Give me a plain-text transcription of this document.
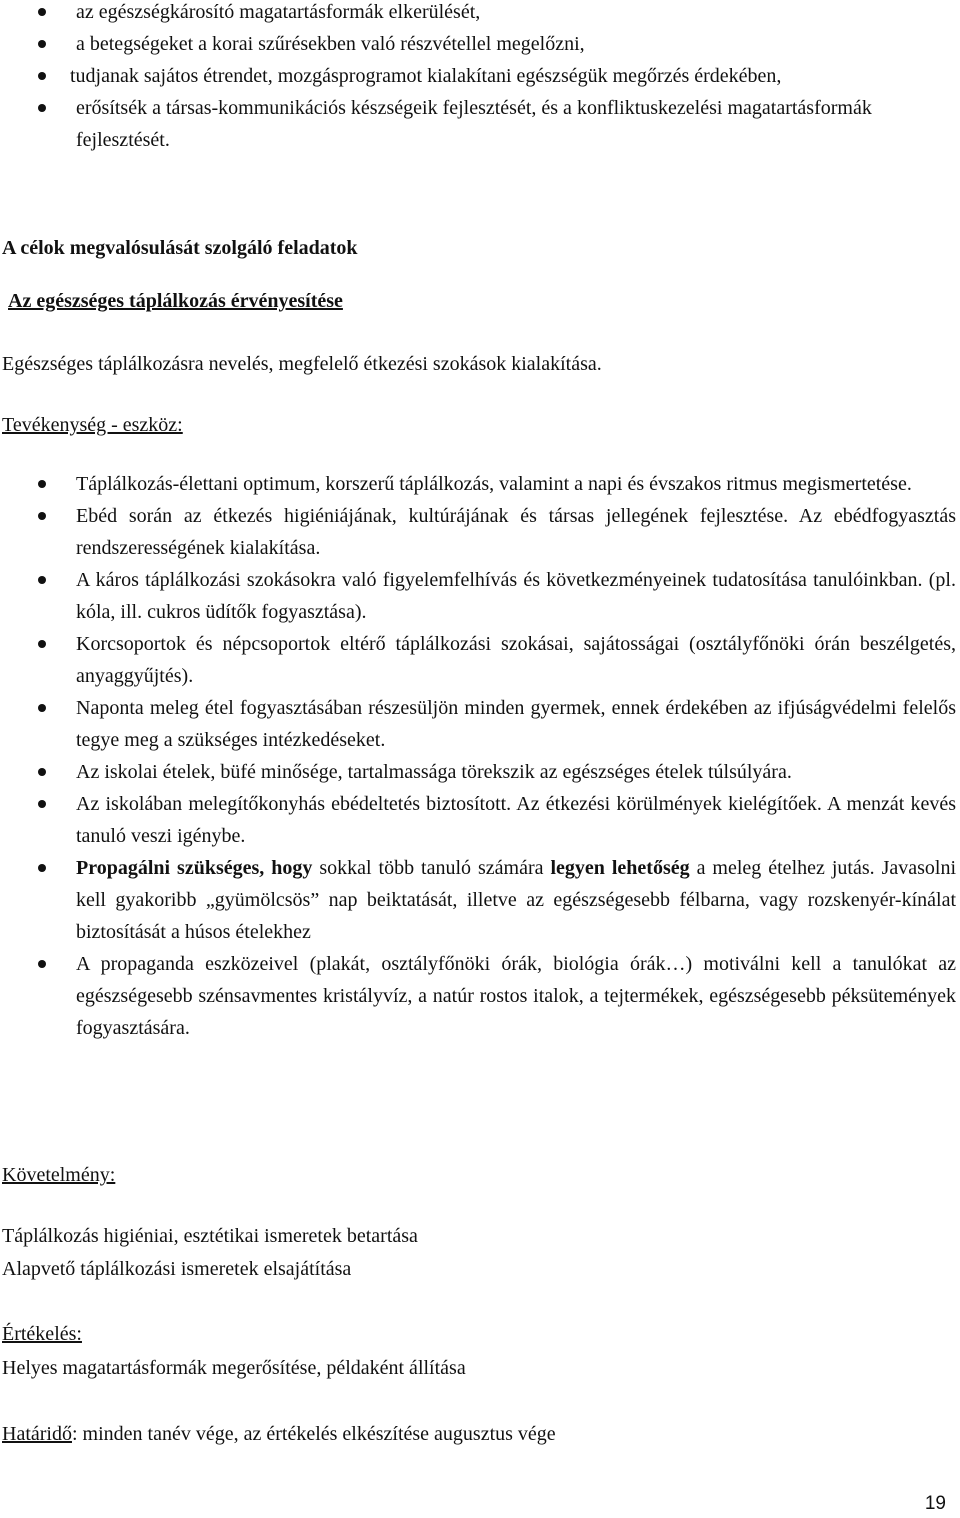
az egészségkárosító magatartásformák elkerülését,
a betegségeket a korai szűrésekben való részvétellel megelőzni,
tudjanak sajátos étrendet, mozgásprogramot kialakítani egészségük megőrzés érdekében,
erősítsék a társas-kommunikációs készségeik fejlesztését, és a konfliktuskezelési magatartásformák fejlesztését.
A célok megvalósulását szolgáló feladatok
Az egészséges táplálkozás érvényesítése
Egészséges táplálkozásra nevelés, megfelelő étkezési szokások kialakítása.
Tevékenység - eszköz:
Táplálkozás-élettani optimum, korszerű táplálkozás, valamint a napi és évszakos ritmus megismertetése.
Ebéd során az étkezés higiéniájának, kultúrájának és társas jellegének fejlesztése. Az ebédfogyasztás rendszerességének kialakítása.
A káros táplálkozási szokásokra való figyelemfelhívás és következményeinek tudatosítása tanulóinkban. (pl. kóla, ill. cukros üdítők fogyasztása).
Korcsoportok és népcsoportok eltérő táplálkozási szokásai, sajátosságai (osztályfőnöki órán beszélgetés, anyaggyűjtés).
Naponta meleg étel fogyasztásában részesüljön minden gyermek, ennek érdekében az ifjúságvédelmi felelős tegye meg a szükséges intézkedéseket.
Az iskolai ételek, büfé minősége, tartalmassága törekszik az egészséges ételek túlsúlyára.
Az iskolában melegítőkonyhás ebédeltetés biztosított. Az étkezési körülmények kielégítőek. A menzát kevés tanuló veszi igénybe.
Propagálni szükséges, hogy sokkal több tanuló számára legyen lehetőség a meleg ételhez jutás. Javasolni kell gyakoribb „gyümölcsös” nap beiktatását, illetve az egészségesebb félbarna, vagy rozskenyér-kínálat biztosítását a húsos ételekhez
A propaganda eszközeivel (plakát, osztályfőnöki órák, biológia órák…) motiválni kell a tanulókat az egészségesebb szénsavmentes kristályvíz, a natúr rostos italok, a tejtermékek, egészségesebb péksütemények fogyasztására.
Követelmény:
Táplálkozás higiéniai, esztétikai ismeretek betartása
Alapvető táplálkozási ismeretek elsajátítása
Értékelés:
Helyes magatartásformák megerősítése, példaként állítása
Határidő: minden tanév vége, az értékelés elkészítése augusztus vége
19
